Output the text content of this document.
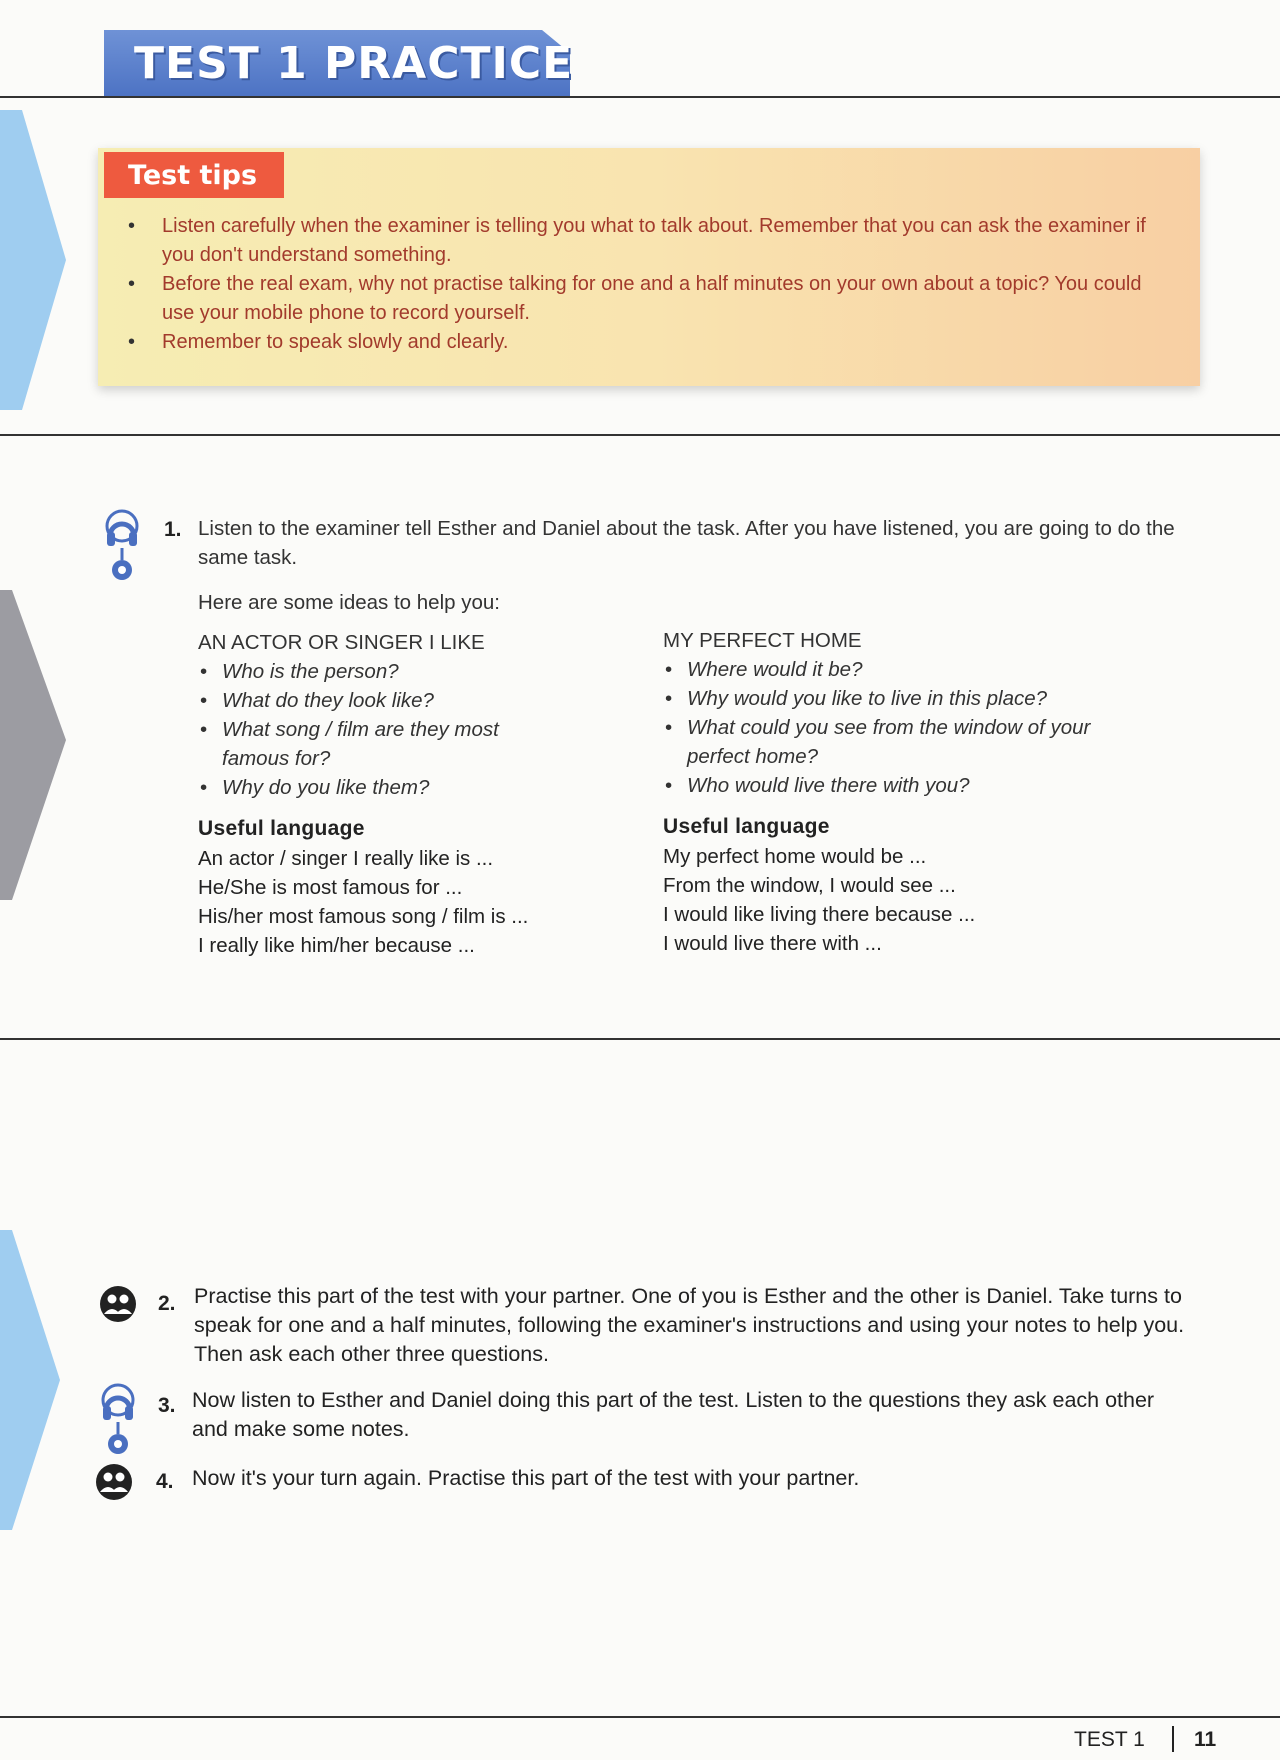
TEST 1 PRACTICE
Test tips
• Listen carefully when the examiner is telling you what to talk about. Remember that you can ask the examiner if you don't understand something.
• Before the real exam, why not practise talking for one and a half minutes on your own about a topic? You could use your mobile phone to record yourself.
• Remember to speak slowly and clearly.
1. Listen to the examiner tell Esther and Daniel about the task. After you have listened, you are going to do the same task.
Here are some ideas to help you:
AN ACTOR OR SINGER I LIKE
• Who is the person?
• What do they look like?
• What song / film are they most famous for?
• Why do you like them?
Useful language
An actor / singer I really like is ...
He/She is most famous for ...
His/her most famous song / film is ...
I really like him/her because ...
MY PERFECT HOME
• Where would it be?
• Why would you like to live in this place?
• What could you see from the window of your perfect home?
• Who would live there with you?
Useful language
My perfect home would be ...
From the window, I would see ...
I would like living there because ...
I would live there with ...
2. Practise this part of the test with your partner. One of you is Esther and the other is Daniel. Take turns to speak for one and a half minutes, following the examiner's instructions and using your notes to help you. Then ask each other three questions.
3. Now listen to Esther and Daniel doing this part of the test. Listen to the questions they ask each other and make some notes.
4. Now it's your turn again. Practise this part of the test with your partner.
TEST 1 11
